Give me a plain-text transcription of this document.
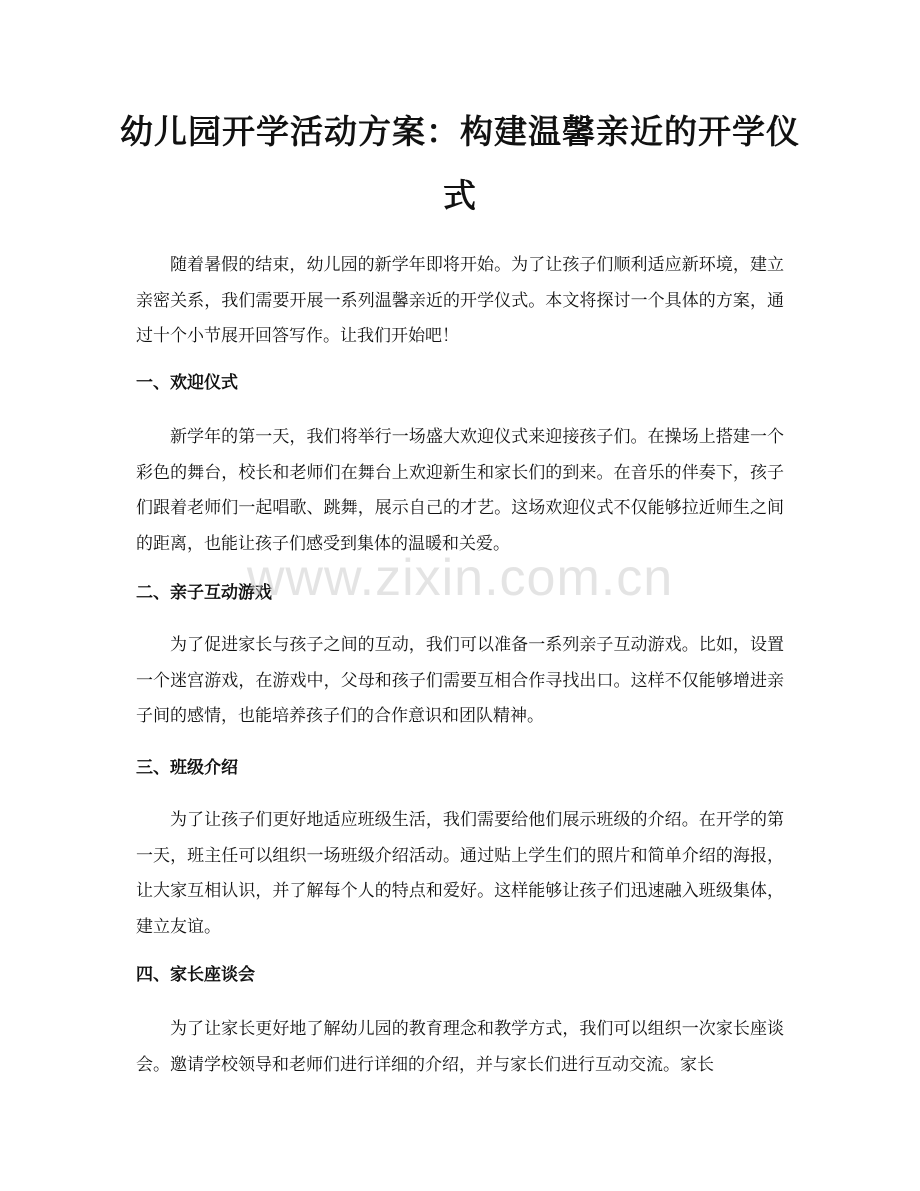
幼儿园开学活动方案：构建温馨亲近的开学仪式

随着暑假的结束，幼儿园的新学年即将开始。为了让孩子们顺利适应新环境，建立亲密关系，我们需要开展一系列温馨亲近的开学仪式。本文将探讨一个具体的方案，通过十个小节展开回答写作。让我们开始吧！

一、欢迎仪式

新学年的第一天，我们将举行一场盛大欢迎仪式来迎接孩子们。在操场上搭建一个彩色的舞台，校长和老师们在舞台上欢迎新生和家长们的到来。在音乐的伴奏下，孩子们跟着老师们一起唱歌、跳舞，展示自己的才艺。这场欢迎仪式不仅能够拉近师生之间的距离，也能让孩子们感受到集体的温暖和关爱。

二、亲子互动游戏

为了促进家长与孩子之间的互动，我们可以准备一系列亲子互动游戏。比如，设置一个迷宫游戏，在游戏中，父母和孩子们需要互相合作寻找出口。这样不仅能够增进亲子间的感情，也能培养孩子们的合作意识和团队精神。

三、班级介绍

为了让孩子们更好地适应班级生活，我们需要给他们展示班级的介绍。在开学的第一天，班主任可以组织一场班级介绍活动。通过贴上学生们的照片和简单介绍的海报，让大家互相认识，并了解每个人的特点和爱好。这样能够让孩子们迅速融入班级集体，建立友谊。

四、家长座谈会

为了让家长更好地了解幼儿园的教育理念和教学方式，我们可以组织一次家长座谈会。邀请学校领导和老师们进行详细的介绍，并与家长们进行互动交流。家长

www.zixin.com.cn
